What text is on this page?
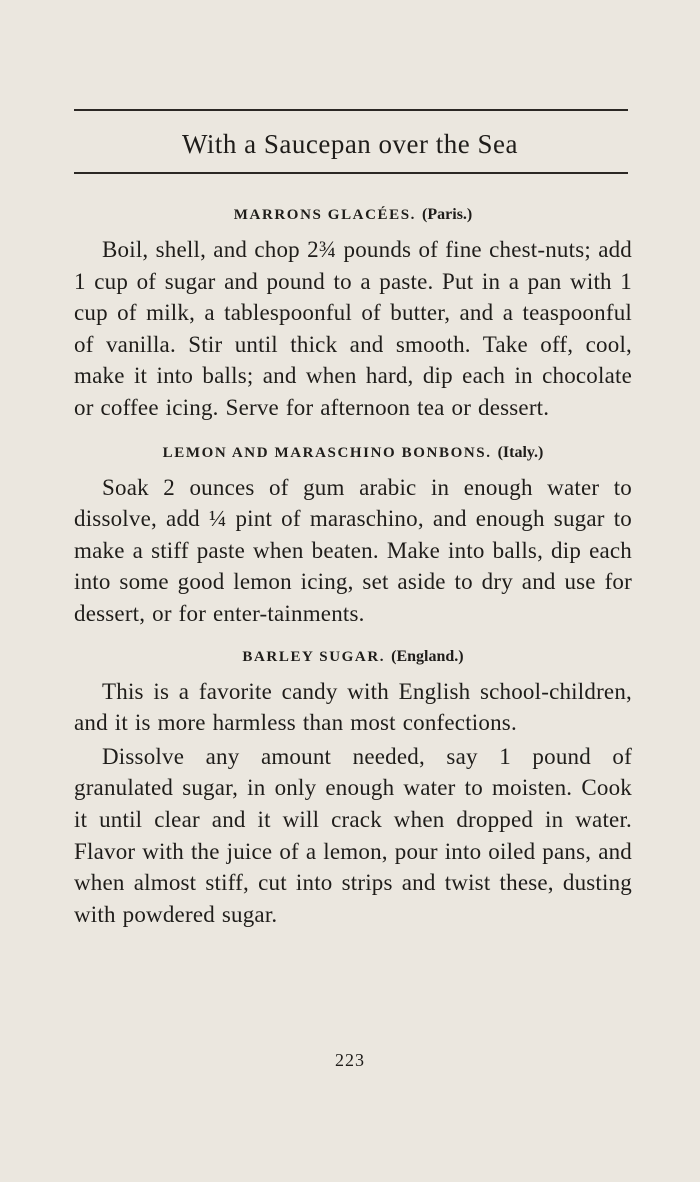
With a Saucepan over the Sea

MARRONS GLACÉES. (Paris.)

Boil, shell, and chop 2¾ pounds of fine chest-nuts; add 1 cup of sugar and pound to a paste. Put in a pan with 1 cup of milk, a tablespoonful of butter, and a teaspoonful of vanilla. Stir until thick and smooth. Take off, cool, make it into balls; and when hard, dip each in chocolate or coffee icing. Serve for afternoon tea or dessert.

LEMON AND MARASCHINO BONBONS. (Italy.)

Soak 2 ounces of gum arabic in enough water to dissolve, add ¼ pint of maraschino, and enough sugar to make a stiff paste when beaten. Make into balls, dip each into some good lemon icing, set aside to dry and use for dessert, or for enter-tainments.

BARLEY SUGAR. (England.)

This is a favorite candy with English school-children, and it is more harmless than most confections.

Dissolve any amount needed, say 1 pound of granulated sugar, in only enough water to moisten. Cook it until clear and it will crack when dropped in water. Flavor with the juice of a lemon, pour into oiled pans, and when almost stiff, cut into strips and twist these, dusting with powdered sugar.

223
